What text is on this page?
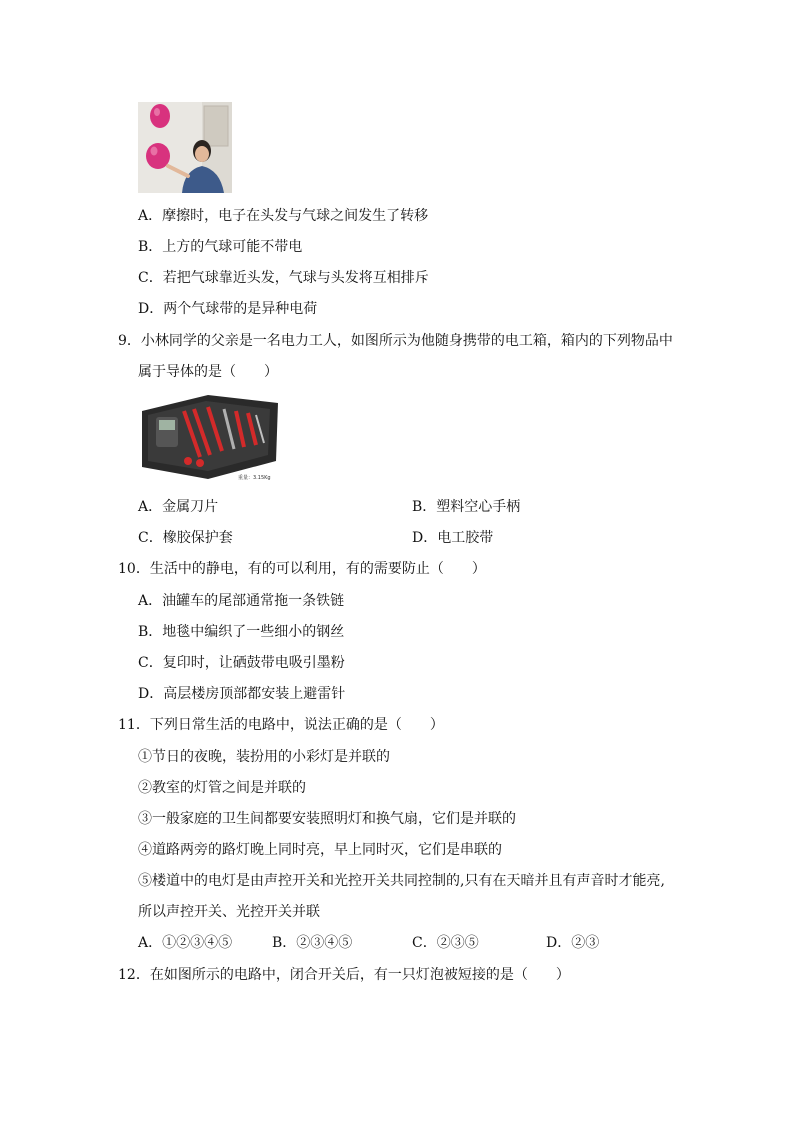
A．摩擦时，电子在头发与气球之间发生了转移
B．上方的气球可能不带电
C．若把气球靠近头发，气球与头发将互相排斥
D．两个气球带的是异种电荷
9．小林同学的父亲是一名电力工人，如图所示为他随身携带的电工箱，箱内的下列物品中
属于导体的是（　　）
重量：3.15Kg
A．金属刀片	B．塑料空心手柄
C．橡胶保护套	D．电工胶带
10．生活中的静电，有的可以利用，有的需要防止（　　）
A．油罐车的尾部通常拖一条铁链
B．地毯中编织了一些细小的钢丝
C．复印时，让硒鼓带电吸引墨粉
D．高层楼房顶部都安装上避雷针
11．下列日常生活的电路中，说法正确的是（　　）
①节日的夜晚，装扮用的小彩灯是并联的
②教室的灯管之间是并联的
③一般家庭的卫生间都要安装照明灯和换气扇，它们是并联的
④道路两旁的路灯晚上同时亮，早上同时灭，它们是串联的
⑤楼道中的电灯是由声控开关和光控开关共同控制的,只有在天暗并且有声音时才能亮,
所以声控开关、光控开关并联
A．①②③④⑤	B．②③④⑤	C．②③⑤	D．②③
12．在如图所示的电路中，闭合开关后，有一只灯泡被短接的是（　　）
